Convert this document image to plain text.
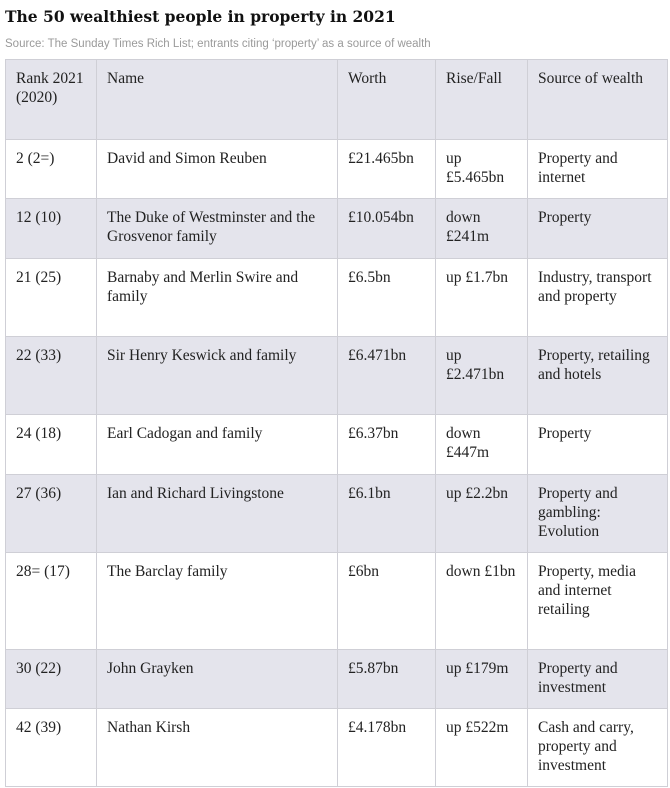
The 50 wealthiest people in property in 2021
Source: The Sunday Times Rich List; entrants citing ‘property’ as a source of wealth
Rank 2021 (2020)	Name	Worth	Rise/Fall	Source of wealth
2 (2=)	David and Simon Reuben	£21.465bn	up £5.465bn	Property and internet
12 (10)	The Duke of Westminster and the Grosvenor family	£10.054bn	down £241m	Property
21 (25)	Barnaby and Merlin Swire and family	£6.5bn	up £1.7bn	Industry, transport and property
22 (33)	Sir Henry Keswick and family	£6.471bn	up £2.471bn	Property, retailing and hotels
24 (18)	Earl Cadogan and family	£6.37bn	down £447m	Property
27 (36)	Ian and Richard Livingstone	£6.1bn	up £2.2bn	Property and gambling: Evolution
28= (17)	The Barclay family	£6bn	down £1bn	Property, media and internet retailing
30 (22)	John Grayken	£5.87bn	up £179m	Property and investment
42 (39)	Nathan Kirsh	£4.178bn	up £522m	Cash and carry, property and investment
